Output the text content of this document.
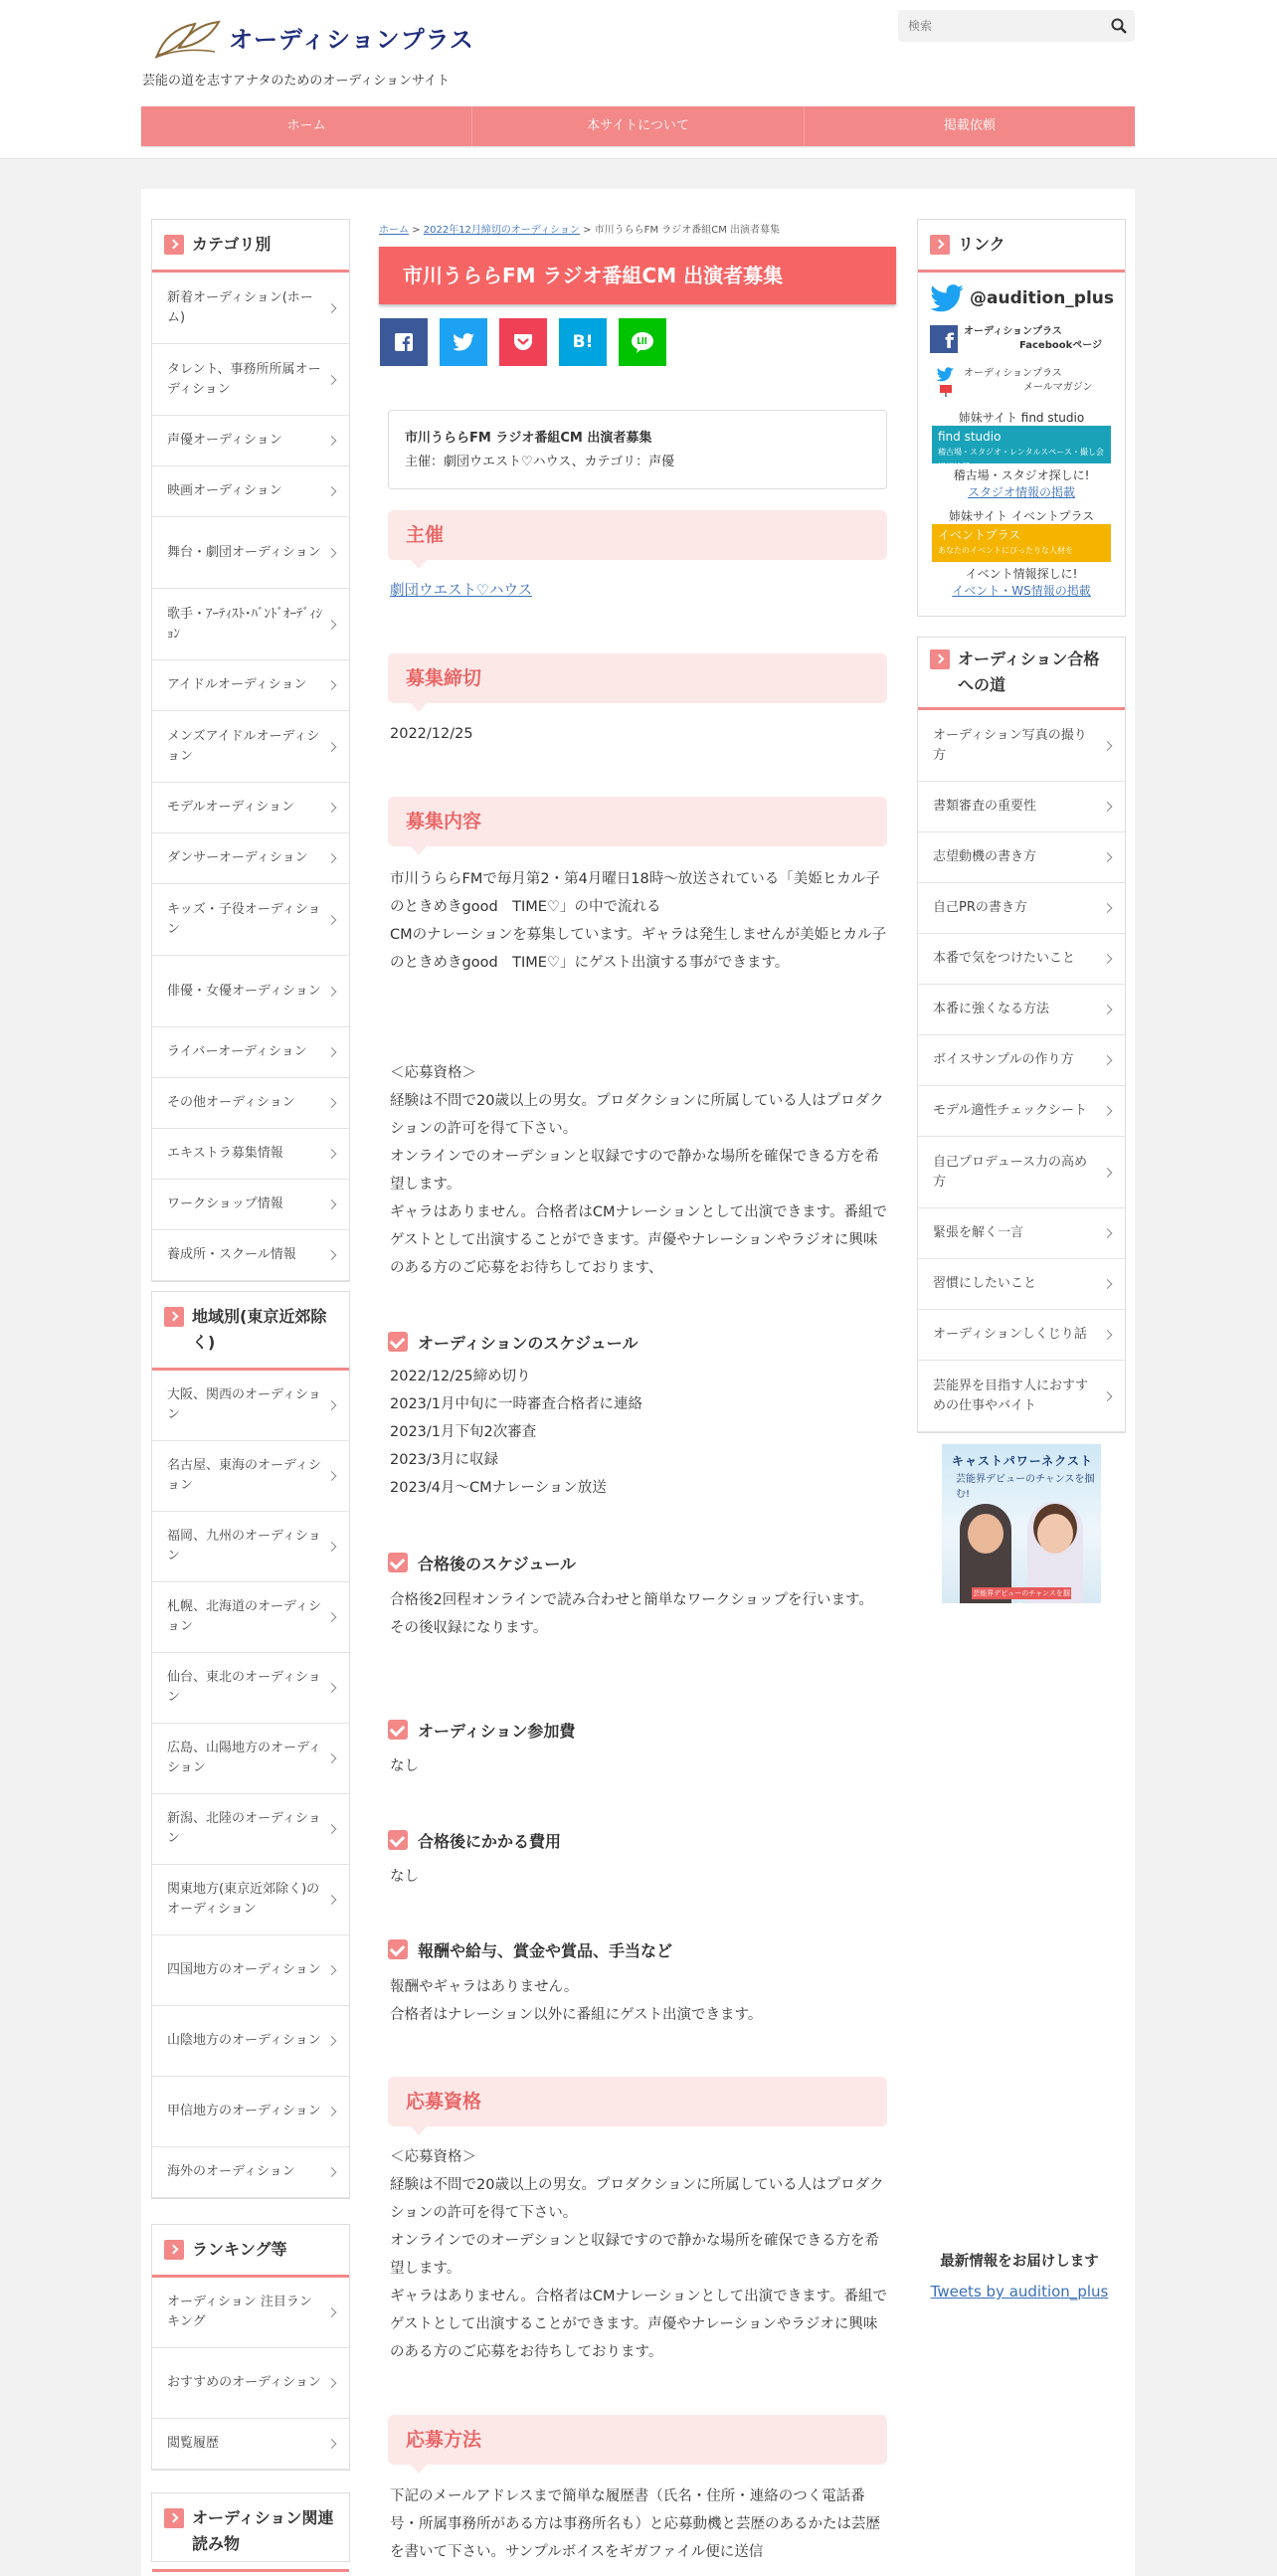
オーディションプラス
芸能の道を志すアナタのためのオーディションサイト
検索
ホーム	本サイトについて	掲載依頼
カテゴリ別
新着オーディション(ホーム)
タレント、事務所所属オーディション
声優オーディション
映画オーディション
舞台・劇団オーディション
歌手・ｱｰﾃｨｽﾄ･ﾊﾞﾝﾄﾞｵｰﾃﾞｨｼｮﾝ
アイドルオーディション
メンズアイドルオーディション
モデルオーディション
ダンサーオーディション
キッズ・子役オーディション
俳優・女優オーディション
ライバーオーディション
その他オーディション
エキストラ募集情報
ワークショップ情報
養成所・スクール情報
地域別(東京近郊除く)
大阪、関西のオーディション
名古屋、東海のオーディション
福岡、九州のオーディション
札幌、北海道のオーディション
仙台、東北のオーディション
広島、山陽地方のオーディション
新潟、北陸のオーディション
関東地方(東京近郊除く)のオーディション
四国地方のオーディション
山陰地方のオーディション
甲信地方のオーディション
海外のオーディション
ランキング等
オーディション 注目ランキング
おすすめのオーディション
閲覧履歴
オーディション関連読み物
ホーム > 2022年12月締切のオーディション > 市川うららFM ラジオ番組CM 出演者募集
市川うららFM ラジオ番組CM 出演者募集
B!
市川うららFM ラジオ番組CM 出演者募集
主催：劇団ウエスト♡ハウス、カテゴリ：声優
主催
劇団ウエスト♡ハウス
募集締切
2022/12/25
募集内容
市川うららFMで毎月第2・第4月曜日18時～放送されている「美姫ヒカル子のときめきgood　TIME♡」の中で流れる
CMのナレーションを募集しています。ギャラは発生しませんが美姫ヒカル子のときめきgood　TIME♡」にゲスト出演する事ができます。
＜応募資格＞
経験は不問で20歳以上の男女。プロダクションに所属している人はプロダクションの許可を得て下さい。
オンラインでのオーデションと収録ですので静かな場所を確保できる方を希望します。
ギャラはありません。合格者はCMナレーションとして出演できます。番組でゲストとして出演することができます。声優やナレーションやラジオに興味のある方のご応募をお待ちしております、
オーディションのスケジュール
2022/12/25締め切り
2023/1月中旬に一時審査合格者に連絡
2023/1月下旬2次審査
2023/3月に収録
2023/4月～CMナレーション放送
合格後のスケジュール
合格後2回程オンラインで読み合わせと簡単なワークショップを行います。
その後収録になります。
オーディション参加費
なし
合格後にかかる費用
なし
報酬や給与、賞金や賞品、手当など
報酬やギャラはありません。
合格者はナレーション以外に番組にゲスト出演できます。
応募資格
＜応募資格＞
経験は不問で20歳以上の男女。プロダクションに所属している人はプロダクションの許可を得て下さい。
オンラインでのオーデションと収録ですので静かな場所を確保できる方を希望します。
ギャラはありません。合格者はCMナレーションとして出演できます。番組でゲストとして出演することができます。声優やナレーションやラジオに興味のある方のご応募をお待ちしております。
応募方法
下記のメールアドレスまで簡単な履歴書（氏名・住所・連絡のつく電話番号・所属事務所がある方は事務所名も）と応募動機と芸歴のあるかたは芸歴を書いて下さい。サンプルボイスをギガファイル便に送信
リンク
@audition_plus
f	オーディションプラス
Facebookページ
オーディションプラス
メールマガジン
姉妹サイト find studio
find studio
稽古場・スタジオ・レンタルスペース・撮し会場探検所
稽古場・スタジオ探しに!
スタジオ情報の掲載
姉妹サイト イベントプラス
イベントプラス
あなたのイベントにぴったりな人材を
イベント情報探しに!
イベント・WS情報の掲載
オーディション合格への道
オーディション写真の撮り方
書類審査の重要性
志望動機の書き方
自己PRの書き方
本番で気をつけたいこと
本番に強くなる方法
ボイスサンプルの作り方
モデル適性チェックシート
自己プロデュース力の高め方
緊張を解く一言
習慣にしたいこと
オーディションしくじり話
芸能界を目指す人におすすめの仕事やバイト
キャストパワーネクスト
芸能界デビューのチャンスを掴む!
芸能界デビューのチャンスを掴む
最新情報をお届けします
Tweets by audition_plus
